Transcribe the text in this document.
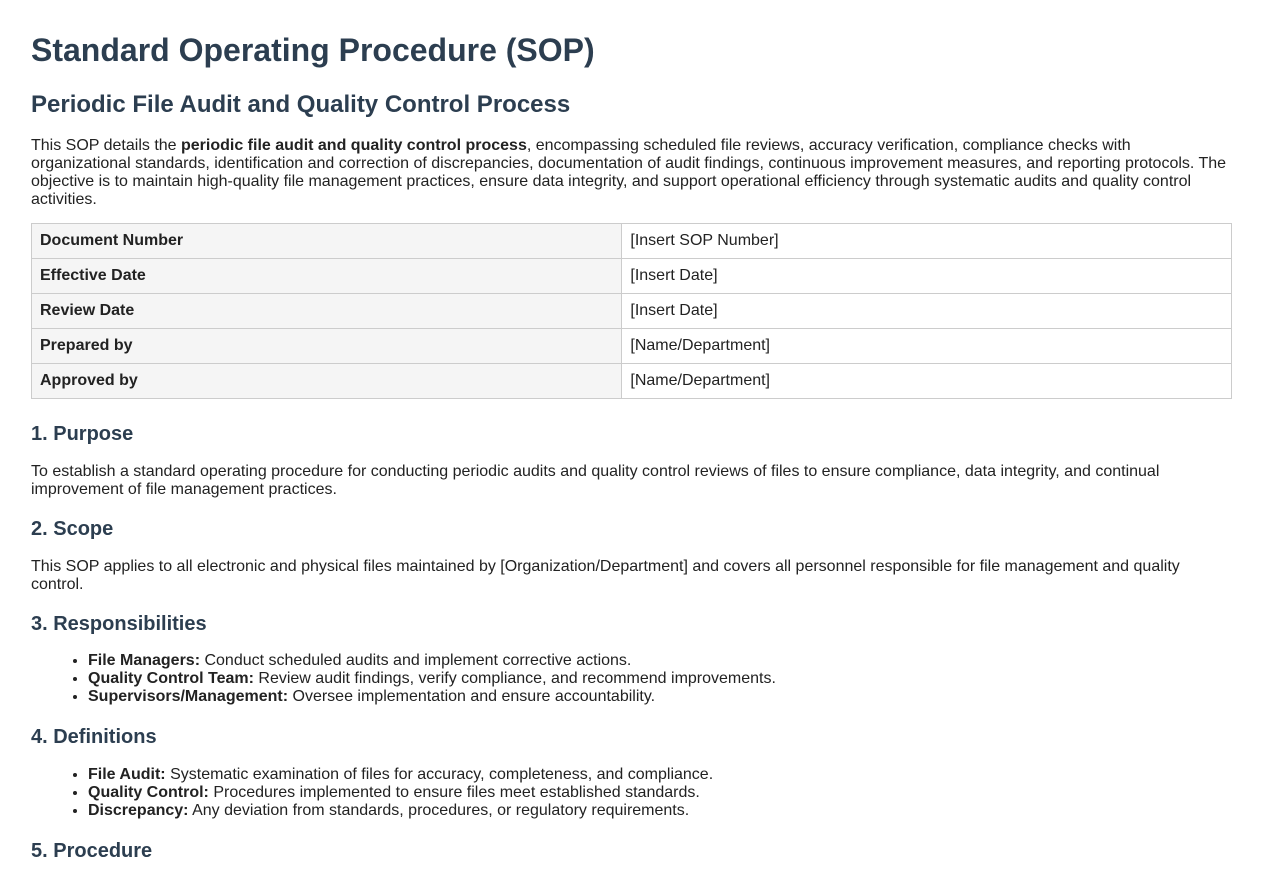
Standard Operating Procedure (SOP)
Periodic File Audit and Quality Control Process

This SOP details the periodic file audit and quality control process, encompassing scheduled file reviews, accuracy verification, compliance checks with organizational standards, identification and correction of discrepancies, documentation of audit findings, continuous improvement measures, and reporting protocols. The objective is to maintain high-quality file management practices, ensure data integrity, and support operational efficiency through systematic audits and quality control activities.

Document Number	[Insert SOP Number]
Effective Date	[Insert Date]
Review Date	[Insert Date]
Prepared by	[Name/Department]
Approved by	[Name/Department]
1. Purpose

To establish a standard operating procedure for conducting periodic audits and quality control reviews of files to ensure compliance, data integrity, and continual improvement of file management practices.

2. Scope

This SOP applies to all electronic and physical files maintained by [Organization/Department] and covers all personnel responsible for file management and quality control.

3. Responsibilities
• File Managers: Conduct scheduled audits and implement corrective actions.
• Quality Control Team: Review audit findings, verify compliance, and recommend improvements.
• Supervisors/Management: Oversee implementation and ensure accountability.
4. Definitions
• File Audit: Systematic examination of files for accuracy, completeness, and compliance.
• Quality Control: Procedures implemented to ensure files meet established standards.
• Discrepancy: Any deviation from standards, procedures, or regulatory requirements.
5. Procedure
